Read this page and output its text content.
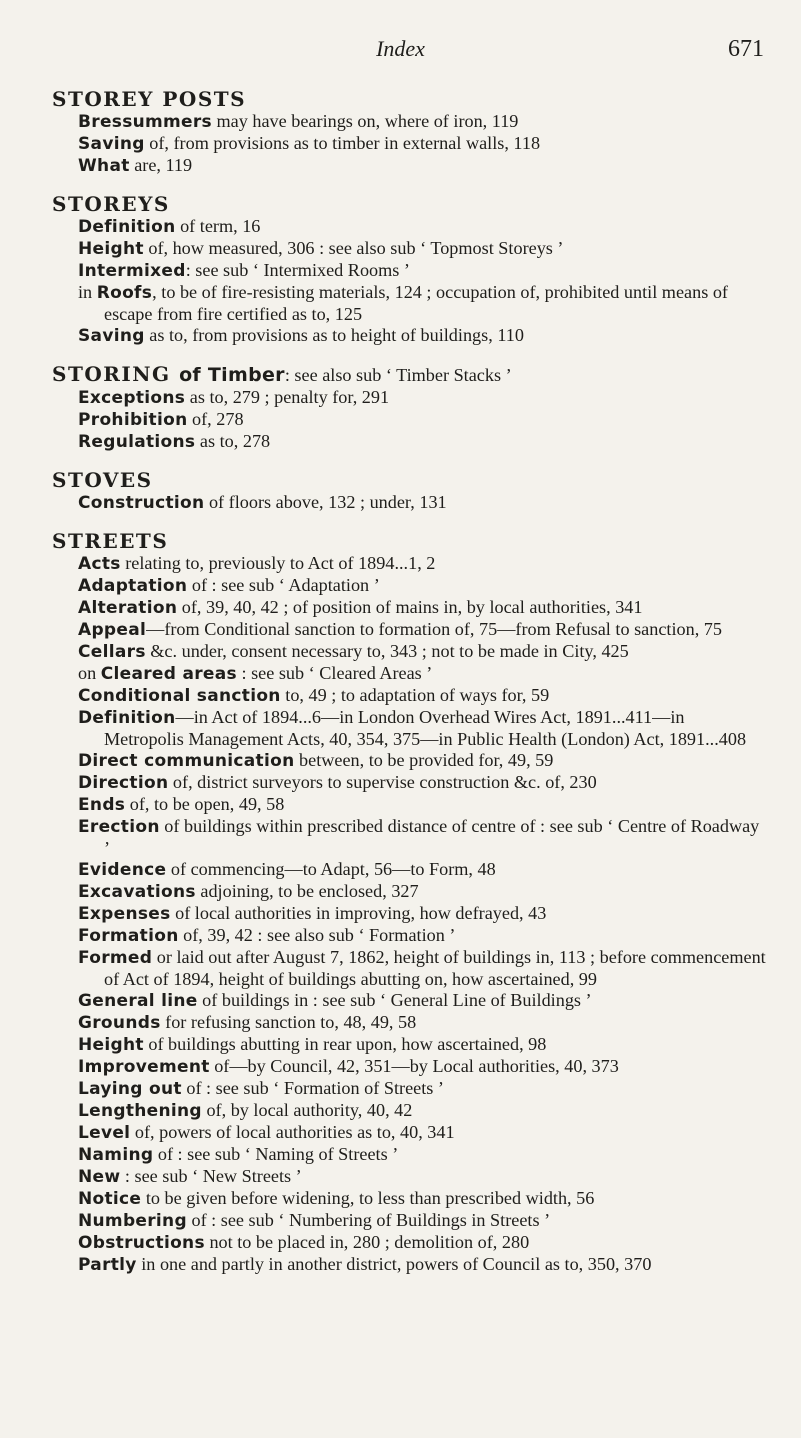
Index	671
STOREY POSTS
Bressummers may have bearings on, where of iron, 119
Saving of, from provisions as to timber in external walls, 118
What are, 119
STOREYS
Definition of term, 16
Height of, how measured, 306 : see also sub ‘ Topmost Storeys ’
Intermixed: see sub ‘ Intermixed Rooms ’
in Roofs, to be of fire-resisting materials, 124 ; occupation of, prohibited until means of escape from fire certified as to, 125
Saving as to, from provisions as to height of buildings, 110
STORING of Timber: see also sub ‘ Timber Stacks ’
Exceptions as to, 279 ; penalty for, 291
Prohibition of, 278
Regulations as to, 278
STOVES
Construction of floors above, 132 ; under, 131
STREETS
Acts relating to, previously to Act of 1894...1, 2
Adaptation of : see sub ‘ Adaptation ’
Alteration of, 39, 40, 42 ; of position of mains in, by local authorities, 341
Appeal—from Conditional sanction to formation of, 75—from Refusal to sanction, 75
Cellars &c. under, consent necessary to, 343 ; not to be made in City, 425
on Cleared areas : see sub ‘ Cleared Areas ’
Conditional sanction to, 49 ; to adaptation of ways for, 59
Definition—in Act of 1894...6—in London Overhead Wires Act, 1891...411—in Metropolis Management Acts, 40, 354, 375—in Public Health (London) Act, 1891...408
Direct communication between, to be provided for, 49, 59
Direction of, district surveyors to supervise construction &c. of, 230
Ends of, to be open, 49, 58
Erection of buildings within prescribed distance of centre of : see sub ‘ Centre of Roadway ’
Evidence of commencing—to Adapt, 56—to Form, 48
Excavations adjoining, to be enclosed, 327
Expenses of local authorities in improving, how defrayed, 43
Formation of, 39, 42 : see also sub ‘ Formation ’
Formed or laid out after August 7, 1862, height of buildings in, 113 ; before commencement of Act of 1894, height of buildings abutting on, how ascertained, 99
General line of buildings in : see sub ‘ General Line of Buildings ’
Grounds for refusing sanction to, 48, 49, 58
Height of buildings abutting in rear upon, how ascertained, 98
Improvement of—by Council, 42, 351—by Local authorities, 40, 373
Laying out of : see sub ‘ Formation of Streets ’
Lengthening of, by local authority, 40, 42
Level of, powers of local authorities as to, 40, 341
Naming of : see sub ‘ Naming of Streets ’
New : see sub ‘ New Streets ’
Notice to be given before widening, to less than prescribed width, 56
Numbering of : see sub ‘ Numbering of Buildings in Streets ’
Obstructions not to be placed in, 280 ; demolition of, 280
Partly in one and partly in another district, powers of Council as to, 350, 370
